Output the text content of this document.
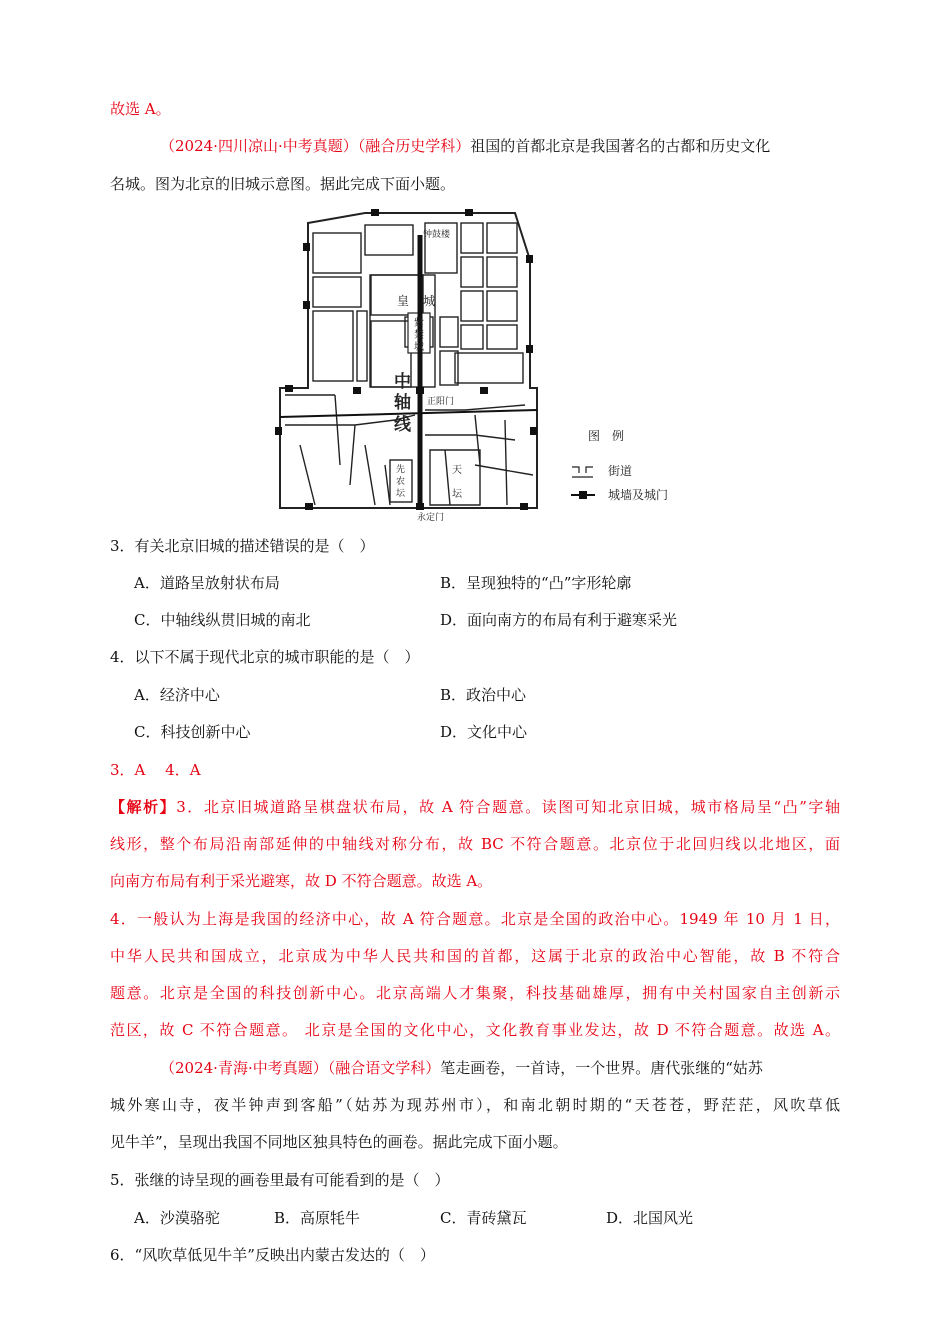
故选 A。
（2024·四川凉山·中考真题）（融合历史学科）祖国的首都北京是我国著名的古都和历史文化
名城。图为北京的旧城示意图。据此完成下面小题。
钟鼓楼
皇 城
紫
禁
城
中
轴
线
正阳门
永定门
先
农
坛
天
坛
图　例
街道
城墙及城门
3．有关北京旧城的描述错误的是（　）
A．道路呈放射状布局	B．呈现独特的“凸”字形轮廓
C．中轴线纵贯旧城的南北	D．面向南方的布局有利于避寒采光
4．以下不属于现代北京的城市职能的是（　）
A．经济中心	B．政治中心
C．科技创新中心	D．文化中心
3．A　 4．A
【解析】3．北京旧城道路呈棋盘状布局，故 A 符合题意。读图可知北京旧城，城市格局呈“凸”字轴
线形，整个布局沿南部延伸的中轴线对称分布，故 BC 不符合题意。北京位于北回归线以北地区，面
向南方布局有利于采光避寒，故 D 不符合题意。故选 A。
4．一般认为上海是我国的经济中心，故 A 符合题意。北京是全国的政治中心。1949 年 10 月 1 日，
中华人民共和国成立，北京成为中华人民共和国的首都，这属于北京的政治中心智能，故 B 不符合
题意。北京是全国的科技创新中心。北京高端人才集聚，科技基础雄厚，拥有中关村国家自主创新示
范区，故 C 不符合题意。 北京是全国的文化中心，文化教育事业发达，故 D 不符合题意。故选 A。
（2024·青海·中考真题）（融合语文学科）笔走画卷，一首诗，一个世界。唐代张继的“姑苏
城外寒山寺，夜半钟声到客船”（姑苏为现苏州市），和南北朝时期的“天苍苍，野茫茫，风吹草低
见牛羊”，呈现出我国不同地区独具特色的画卷。据此完成下面小题。
5．张继的诗呈现的画卷里最有可能看到的是（　）
A．沙漠骆驼	B．高原牦牛	C．青砖黛瓦	D．北国风光
6．“风吹草低见牛羊”反映出内蒙古发达的（　）
